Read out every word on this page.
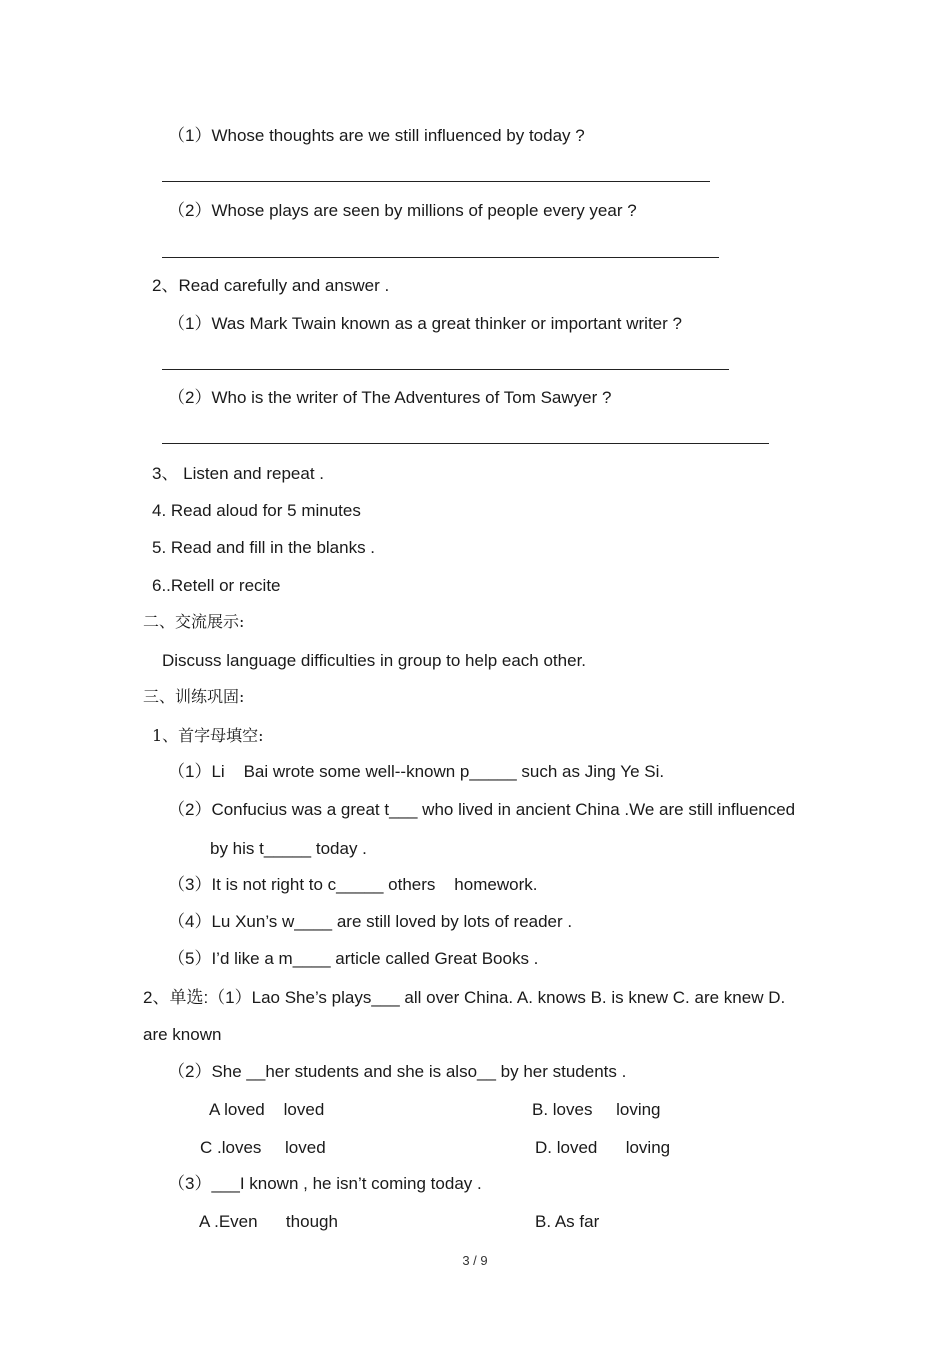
（1）Whose thoughts are we still influenced by today ?
（2）Whose plays are seen by millions of people every year ?
2、Read carefully and answer .
（1）Was Mark Twain known as a great thinker or important writer ?
（2）Who is the writer of The Adventures of Tom Sawyer ?
3、 Listen and repeat .
4. Read aloud for 5 minutes
5. Read and fill in the blanks .
6..Retell or recite
二、交流展示:
Discuss language difficulties in group to help each other.
三、训练巩固:
1、首字母填空:
（1）Li    Bai wrote some well--known p_____ such as Jing Ye Si.
（2）Confucius was a great t___ who lived in ancient China .We are still influenced
by his t_____ today .
（3）It is not right to c_____ others    homework.
（4）Lu Xun’s w____ are still loved by lots of reader .
（5）I’d like a m____ article called Great Books .
2、单选:（1）Lao She’s plays___ all over China. A. knows B. is knew C. are knew D.
are known
（2）She __her students and she is also__ by her students .
A loved    loved	B. loves     loving
C .loves     loved	D. loved      loving
（3）___I known , he isn’t coming today .
A .Even      though	B. As far
3 / 9
